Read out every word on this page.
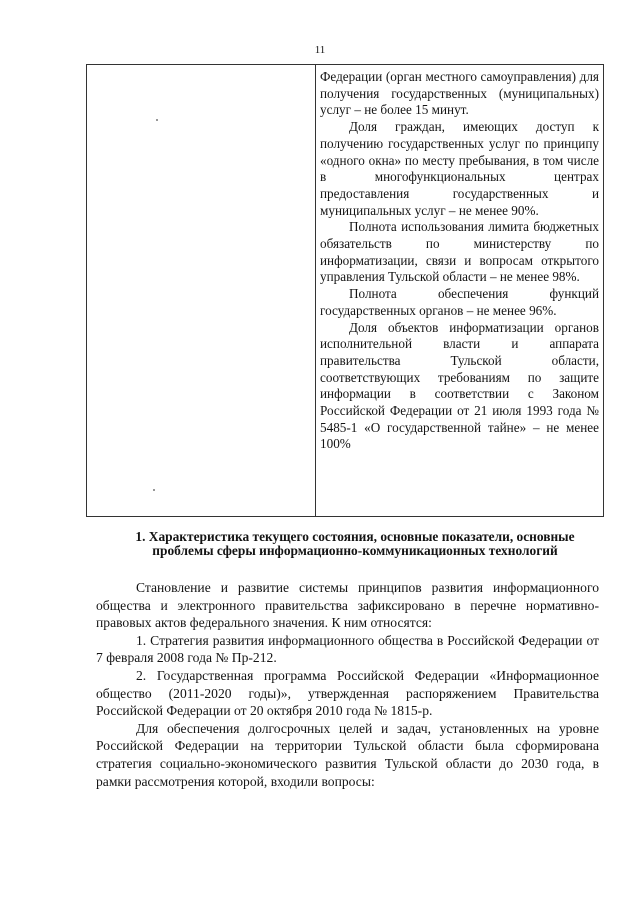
11

Федерации (орган местного самоуправления) для получения государственных (муниципальных) услуг – не более 15 минут.

Доля граждан, имеющих доступ к получению государственных услуг по принципу «одного окна» по месту пребывания, в том числе в многофункциональных центрах предоставления государственных и муниципальных услуг – не менее 90%.

Полнота использования лимита бюджетных обязательств по министерству по информатизации, связи и вопросам открытого управления Тульской области – не менее 98%.

Полнота обеспечения функций государственных органов – не менее 96%.

Доля объектов информатизации органов исполнительной власти и аппарата правительства Тульской области, соответствующих требованиям по защите информации в соответствии с Законом Российской Федерации от 21 июля 1993 года № 5485-1 «О государственной тайне» – не менее 100%

1. Характеристика текущего состояния, основные показатели, основные проблемы сферы информационно-коммуникационных технологий

Становление и развитие системы принципов развития информационного общества и электронного правительства зафиксировано в перечне нормативно-правовых актов федерального значения. К ним относятся:

1. Стратегия развития информационного общества в Российской Федерации от 7 февраля 2008 года № Пр-212.

2. Государственная программа Российской Федерации «Информационное общество (2011-2020 годы)», утвержденная распоряжением Правительства Российской Федерации от 20 октября 2010 года № 1815-р.

Для обеспечения долгосрочных целей и задач, установленных на уровне Российской Федерации на территории Тульской области была сформирована стратегия социально-экономического развития Тульской области до 2030 года, в рамки рассмотрения которой, входили вопросы:
